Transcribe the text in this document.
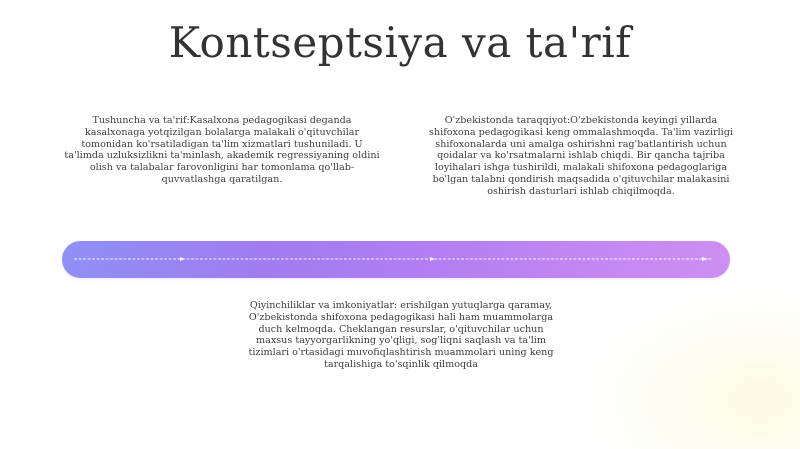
Kontseptsiya va ta'rif
Tushuncha va ta'rif:Kasalxona pedagogikasi deganda kasalxonaga yotqizilgan bolalarga malakali o'qituvchilar tomonidan ko'rsatiladigan ta'lim xizmatlari tushuniladi. U ta'limda uzluksizlikni ta'minlash, akademik regressiyaning oldini olish va talabalar farovonligini har tomonlama qo'llab-quvvatlashga qaratilgan.
O'zbekistonda taraqqiyot:O'zbekistonda keyingi yillarda shifoxona pedagogikasi keng ommalashmoqda. Ta'lim vazirligi shifoxonalarda uni amalga oshirishni rag'batlantirish uchun qoidalar va ko'rsatmalarni ishlab chiqdi. Bir qancha tajriba loyihalari ishga tushirildi, malakali shifoxona pedagoglariga bo'lgan talabni qondirish maqsadida o'qituvchilar malakasini oshirish dasturlari ishlab chiqilmoqda.
Qiyinchiliklar va imkoniyatlar: erishilgan yutuqlarga qaramay, O'zbekistonda shifoxona pedagogikasi hali ham muammolarga duch kelmoqda. Cheklangan resurslar, o'qituvchilar uchun maxsus tayyorgarlikning yo'qligi, sog'liqni saqlash va ta'lim tizimlari o'rtasidagi muvofiqlashtirish muammolari uning keng tarqalishiga to'sqinlik qilmoqda
